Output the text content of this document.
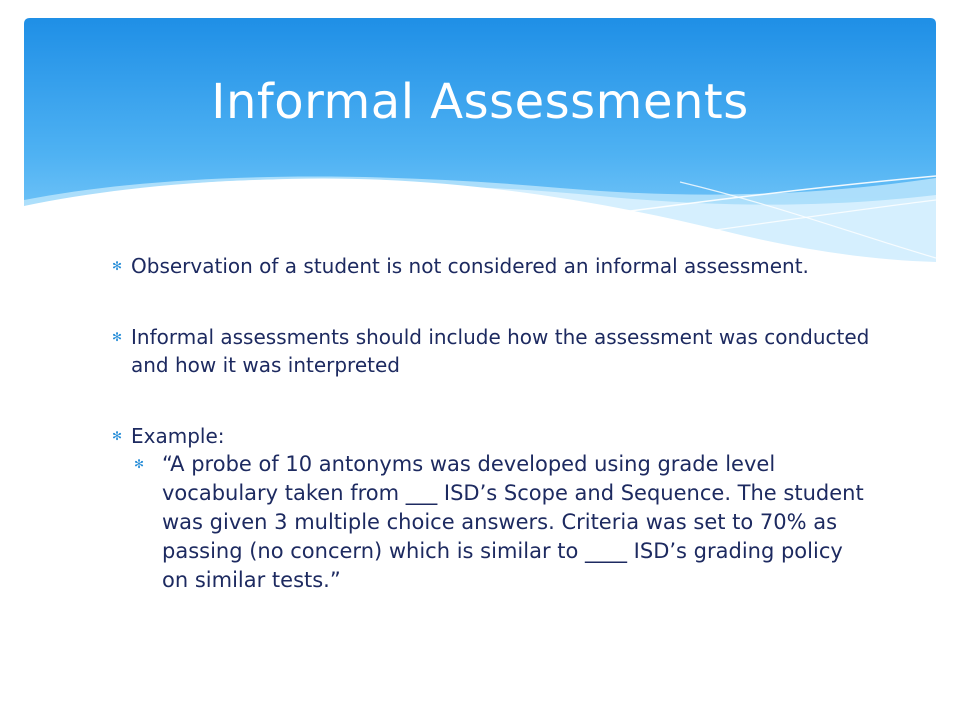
Informal Assessments

✻ Observation of a student is not considered an informal assessment.

✻ Informal assessments should include how the assessment was conducted and how it was interpreted

✻ Example:

✻ “A probe of 10 antonyms was developed using grade level vocabulary taken from ___ ISD’s Scope and Sequence. The student was given 3 multiple choice answers. Criteria was set to 70% as passing (no concern) which is similar to ____ ISD’s grading policy on similar tests.”
